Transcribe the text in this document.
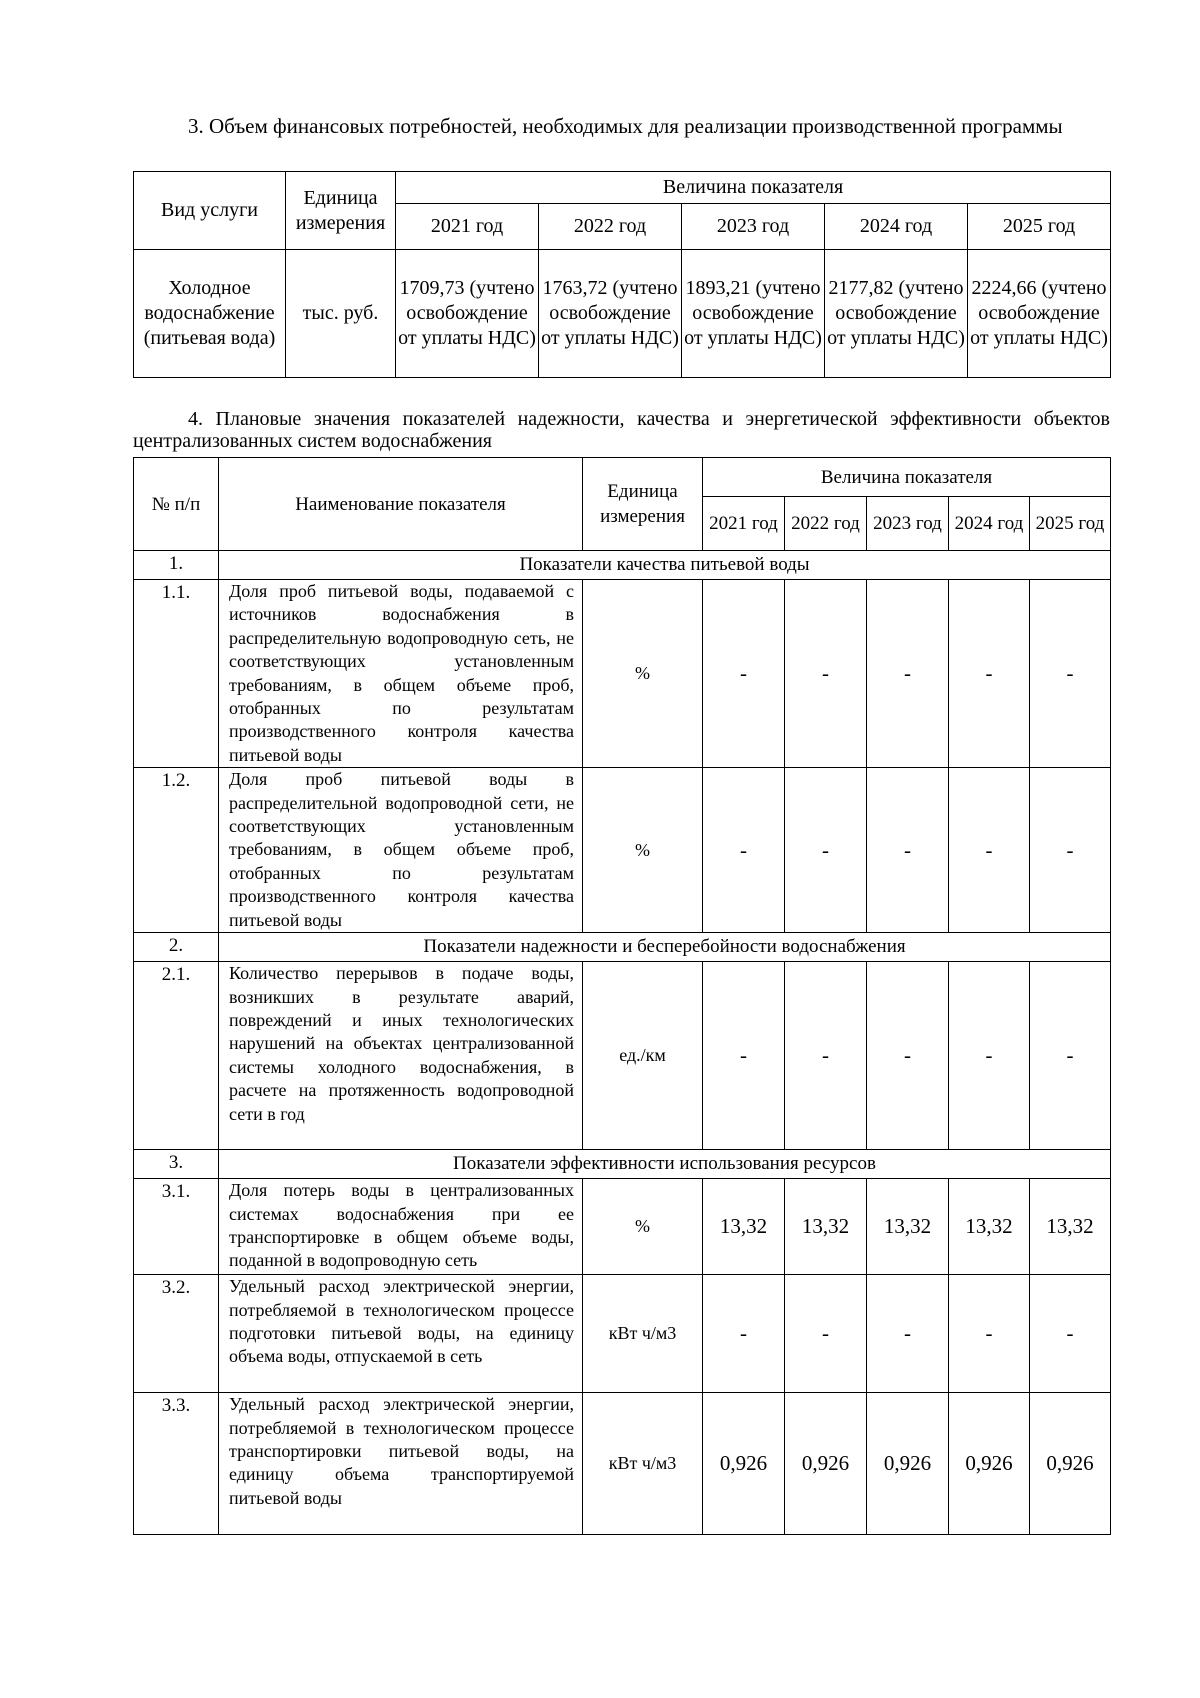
3. Объем финансовых потребностей, необходимых для реализации производственной программы
Вид услуги	Единица измерения	Величина показателя				
		2021 год	2022 год	2023 год	2024 год	2025 год
Холодное водоснабжение (питьевая вода)	тыс. руб.	1709,73 (учтено освобождение от уплаты НДС)	1763,72 (учтено освобождение от уплаты НДС)	1893,21 (учтено освобождение от уплаты НДС)	2177,82 (учтено освобождение от уплаты НДС)	2224,66 (учтено освобождение от уплаты НДС)
4. Плановые значения показателей надежности, качества и энергетической эффективности объектов централизованных систем водоснабжения
№ п/п	Наименование показателя	Единица измерения	Величина показателя				
			2021 год	2022 год	2023 год	2024 год	2025 год
1.	Показатели качества питьевой воды						
1.1.	Доля проб питьевой воды, подаваемой с источников водоснабжения в распределительную водопроводную сеть, не соответствующих установленным требованиям, в общем объеме проб, отобранных по результатам производственного контроля качества питьевой воды	%	-	-	-	-	-
1.2.	Доля проб питьевой воды в распределительной водопроводной сети, не соответствующих установленным требованиям, в общем объеме проб, отобранных по результатам производственного контроля качества питьевой воды	%	-	-	-	-	-
2.	Показатели надежности и бесперебойности водоснабжения						
2.1.	Количество перерывов в подаче воды, возникших в результате аварий, повреждений и иных технологических нарушений на объектах централизованной системы холодного водоснабжения, в расчете на протяженность водопроводной сети в год	ед./км	-	-	-	-	-
3.	Показатели эффективности использования ресурсов						
3.1.	Доля потерь воды в централизованных системах водоснабжения при ее транспортировке в общем объеме воды, поданной в водопроводную сеть	%	13,32	13,32	13,32	13,32	13,32
3.2.	Удельный расход электрической энергии, потребляемой в технологическом процессе подготовки питьевой воды, на единицу объема воды, отпускаемой в сеть	кВт ч/м3	-	-	-	-	-
3.3.	Удельный расход электрической энергии, потребляемой в технологическом процессе транспортировки питьевой воды, на единицу объема транспортируемой питьевой воды	кВт ч/м3	0,926	0,926	0,926	0,926	0,926
